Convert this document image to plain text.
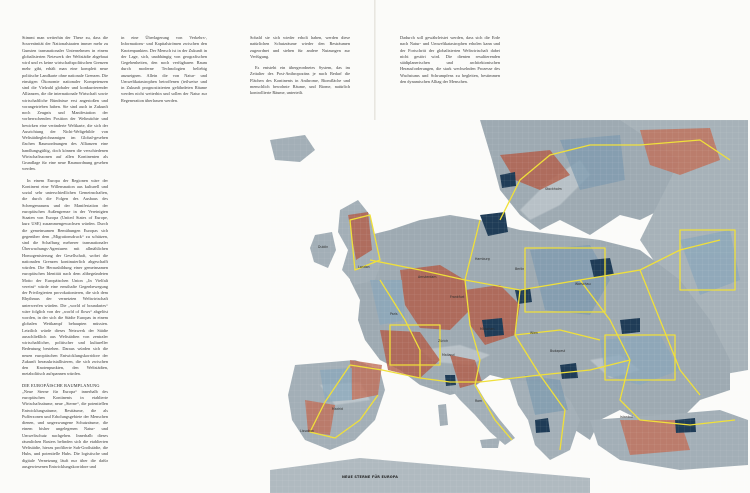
Stimmt man weiterhin der These zu, dass die Souveränität der Nationalstaaten immer mehr zu Gunsten transnationaler Unternehmen in einem globalisierten Netzwerk der Weltstädte abgebaut wird und es keine wirtschaftspolitischen Grenzen mehr gibt, erhält man eine komplett neue politische Landkarte ohne nationale Grenzen. Die einstigen Ökonomie nationaler Kompetenzen sind die Vielzahl globaler und konkurrierender Allianzen, die die internationale Wirtschaft sowie wirtschaftliche Bündnisse erst angestoßen und vorangetrieben haben. Sie sind auch in Zukunft noch Zeugnis und Manifestation der vorherrschenden Position der Weltmächte und bewirken eine veränderte Weltkarte, die sich der Ausrichtung der Nicht-Weltgebilde von Weltstädtegleichnamigen im Global-gesehen flachen Raumordnungen des Allianzen eine handlungsgültig, doch können die verschiedenen Wirtschaftszonen auf allen Kontinenten als Grundlage für eine neue Raumordnung gesehen werden.

In einem Europa der Regionen wäre der Kontinent eine Willensnation aus kulturell und sozial sehr unterschiedlichen Gemeinschaften, die durch die Folgen des Ausbaus des Schengenraums und der Manifestation der europäischen Außengrenze in der Vereinigten Staaten von Europa (United States of Europe, kurz USE) zusammengewachsen würden. Durch die gemeinsamen Bemühungen Europas sich gegenüber dem „Migrationsdruck“ zu schützen, sind die Schaffung mehrerer transnationaler Überwachungs-Agenturen mit allmählichen Homogenisierung der Gesellschaft, wobei die nationalen Grenzen kontinuierlich abgeschafft würden. Die Herausbildung einer gemeinsamen europäischen Identität nach dem altbegründeten Motto der Europäischen Union „In Vielfalt vereint“ würde eine ernsthafte Gegenbewegung der Privilegierten provokationieren, die sich dem Rhythmus der vernetzten Weltwirtschaft unterwerfen würden. Die „world of boundaries“ wäre folglich von der „world of flows“ abgelöst worden, in der sich die Städte Europas in einem globalen Wettkampf behaupten müssten. Letztlich würde dieses Netzwerk der Städte ausschließlich aus Weltstädten von zentraler wirtschaftlicher, politischer und kultureller Bedeutung bestehen. Daraus würden sich die neuen europäischen Entwicklungskorridore der Zukunft herauskristallisieren, die sich zwischen den Knotenpunkten, den Weltstädten, metabolitisch aufspannen würden.

DIE EUROPÄISCHE RAUMPLANUNG

„Neue Sterne für Europa“ innerhalb des europäischen Kontinents in etablierte Wirtschaftsräume, neue „Sterne“, die potentiellen Entwicklungsräume, Resttäume, die als Pufferzonen und Erholungsgebiete der Menschen dienen, und ungezwungene Schutzräume, die einem bisher ungelegenen Natur- und Umweltschutz nachgehen. Innerhalb dieses räumlichen Rasters befinden sich die etablierten Weltstädte, hierzu profilierte Sub-Großstädte, die Hubs, und potentielle Hubs. Die logistische und digitale Vernetzung läuft nur über die dafür ausgewiesenen Entwicklungskorridore und

in eine Überlagerung von Verkehrs-, Informations- und Kapitalströmen zwischen den Knotenpunkten. Der Mensch ist in der Zukunft in der Lage, sich, unabhängig von geografischen Gegebenheiten, den noch verfügbaren Raum durch moderne Technologien beliebig anzueignen. Allein die von Natur- und Umweltkatastrophen betroffenen (teilweise und in Zukunft prognostizierten gefährdeten Räume werden nicht weiterhin und sollen der Natur zur Regeneration überlassen werden.

Sobald sie sich wieder erholt haben, werden diese natürlichen Schutzräume wieder den Resträumen zugeordnet und stehen für andere Nutzungen zur Verfügung.

Es entsteht ein übergeordnetes System, das im Zeitalter des Post-Anthropozäns je nach Bedarf die Flächen des Kontinents in Anthrome, Biomfläche und menschlich bewohnte Räume, und Biome, natürlich kontrollierte Räume, unterteilt.

Dadurch soll gewährleistet werden, dass sich die Erde nach Natur- und Umweltkatastrophen erholen kann und der Fortschritt der globalisierten Weltwirtschaft dabei nicht gestört wird. Die dienten resultierenden städtplanerischen und architektonischen Herausforderungen, die stark wechselnden Prozesse des Wachstums und Schrumpfens zu begleiten, bestimmen den dynamischen Alltag der Menschen.

Dublin
London
Paris
Madrid
Lissabon
Berlin
Hamburg
Amsterdam
Frankfurt
München
Wien
Mailand
Rom
Zürich
Warschau
Budapest
Istanbul
Stockholm
NEUE STERNE FÜR EUROPA
